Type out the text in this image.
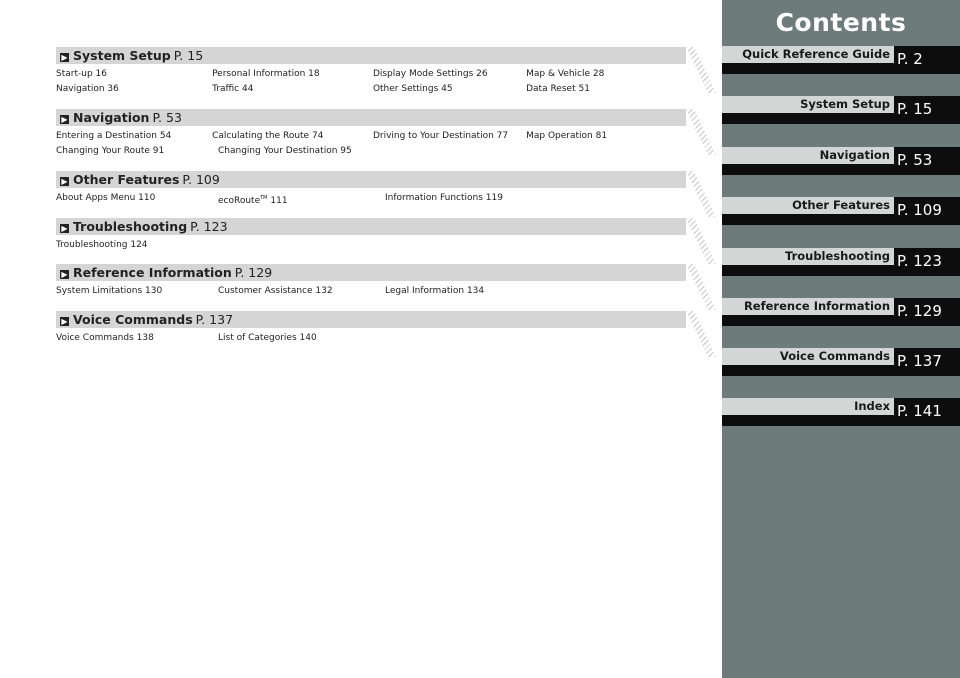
▶ System Setup P. 15
Start-up 16	Personal Information 18	Display Mode Settings 26	Map & Vehicle 28
Navigation 36	Traffic 44	Other Settings 45	Data Reset 51
▶ Navigation P. 53
Entering a Destination 54	Calculating the Route 74	Driving to Your Destination 77	Map Operation 81
Changing Your Route 91	Changing Your Destination 95
▶ Other Features P. 109
About Apps Menu 110	ecoRoute™ 111	Information Functions 119
▶ Troubleshooting P. 123
Troubleshooting 124
▶ Reference Information P. 129
System Limitations 130	Customer Assistance 132	Legal Information 134
▶ Voice Commands P. 137
Voice Commands 138	List of Categories 140
Contents
Quick Reference Guide P. 2
System Setup P. 15
Navigation P. 53
Other Features P. 109
Troubleshooting P. 123
Reference Information P. 129
Voice Commands P. 137
Index P. 141
